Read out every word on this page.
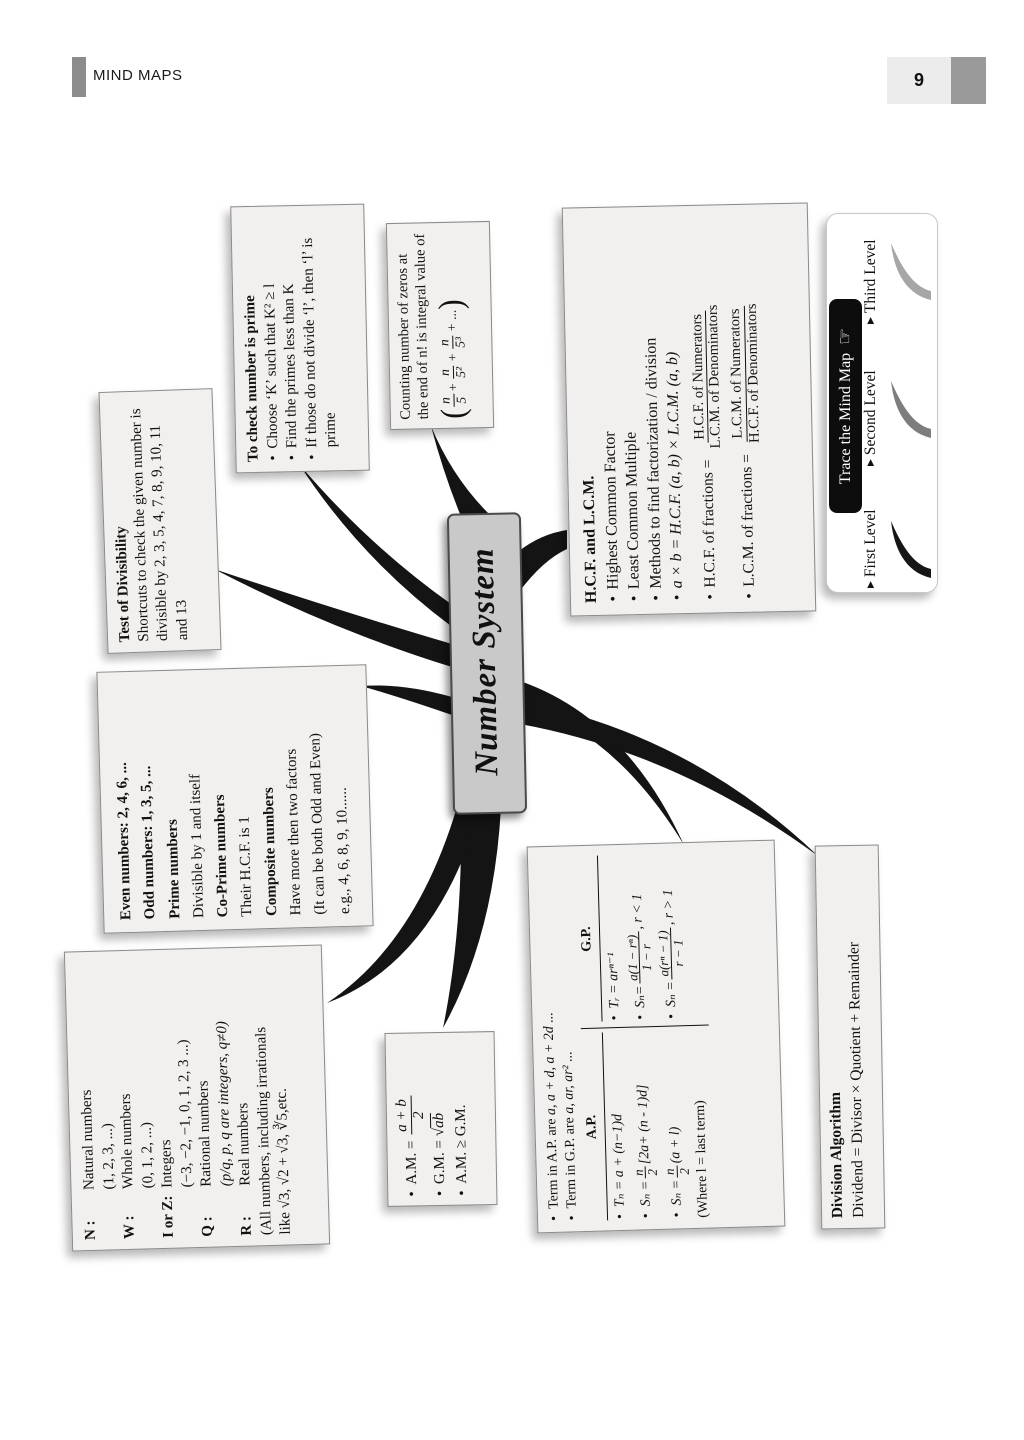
MIND MAPS	9
Number System
Test of Divisibility
Shortcuts to check the given number is divisible by 2, 3, 5, 4, 7, 8, 9, 10, 11 and 13
To check number is prime • Choose ‘K’ such that K² ≥ l • Find the primes less than K • If those do not divide ‘l’, then ‘l’ is prime
Counting number of zeros at the end of n! is integral value of (
n 5
+
n 5²
+
n 5³
+ ...
)
H.C.F. and L.C.M. • Highest Common Factor • Least Common Multiple • Methods to find factorization / division • a × b = H.C.F. (a, b) × L.C.M. (a, b) • H.C.F. of fractions =
H.C.F. of Numerators
L.C.M. of Denominators
• L.C.M. of fractions =
L.C.M. of Numerators
H.C.F. of Denominators	Trace the Mind Map
☞
▶First Level
▶Second Level
▶Third Level
Even numbers: 2, 4, 6, ... Odd numbers: 1, 3, 5, ... Prime numbers Divisible by 1 and itself Co-Prime numbers Their H.C.F. is 1 Composite numbers Have more then two factors (It can be both Odd and Even) e.g., 4, 6, 8, 9, 10......
N :
Natural numbers (1, 2, 3, ...)
W :
Whole numbers (0, 1, 2, ...)
I or Z:
Integers
(−3, −2, −1, 0, 1, 2, 3 ...)
Q :
Rational numbers
(p/q, p, q are integers, q≠0)
R :
Real numbers (All numbers, including irrationals like √3, √2 + √3, ∛5,etc.	• A.M. =
a + b 2
• G.M. =
√ab • A.M. ≥ G.M.	• Term in A.P. are a, a + d, a + 2d ...
• Term in G.P. are a, ar, ar² ...
A.P. • Tₙ = a + (n−1)d • Sₙ =
n 2
[2a+ (n - 1)d]
• Sₙ =
n 2
(a + l) (Where l = last term)
G.P.
• Tᵣ = arⁿ⁻¹ • Sₙ=
a(1 − rⁿ)
1 − r
, r < 1
• Sₙ =
a(rⁿ − 1)
r − 1
, r > 1
Division Algorithm Dividend = Divisor × Quotient + Remainder
